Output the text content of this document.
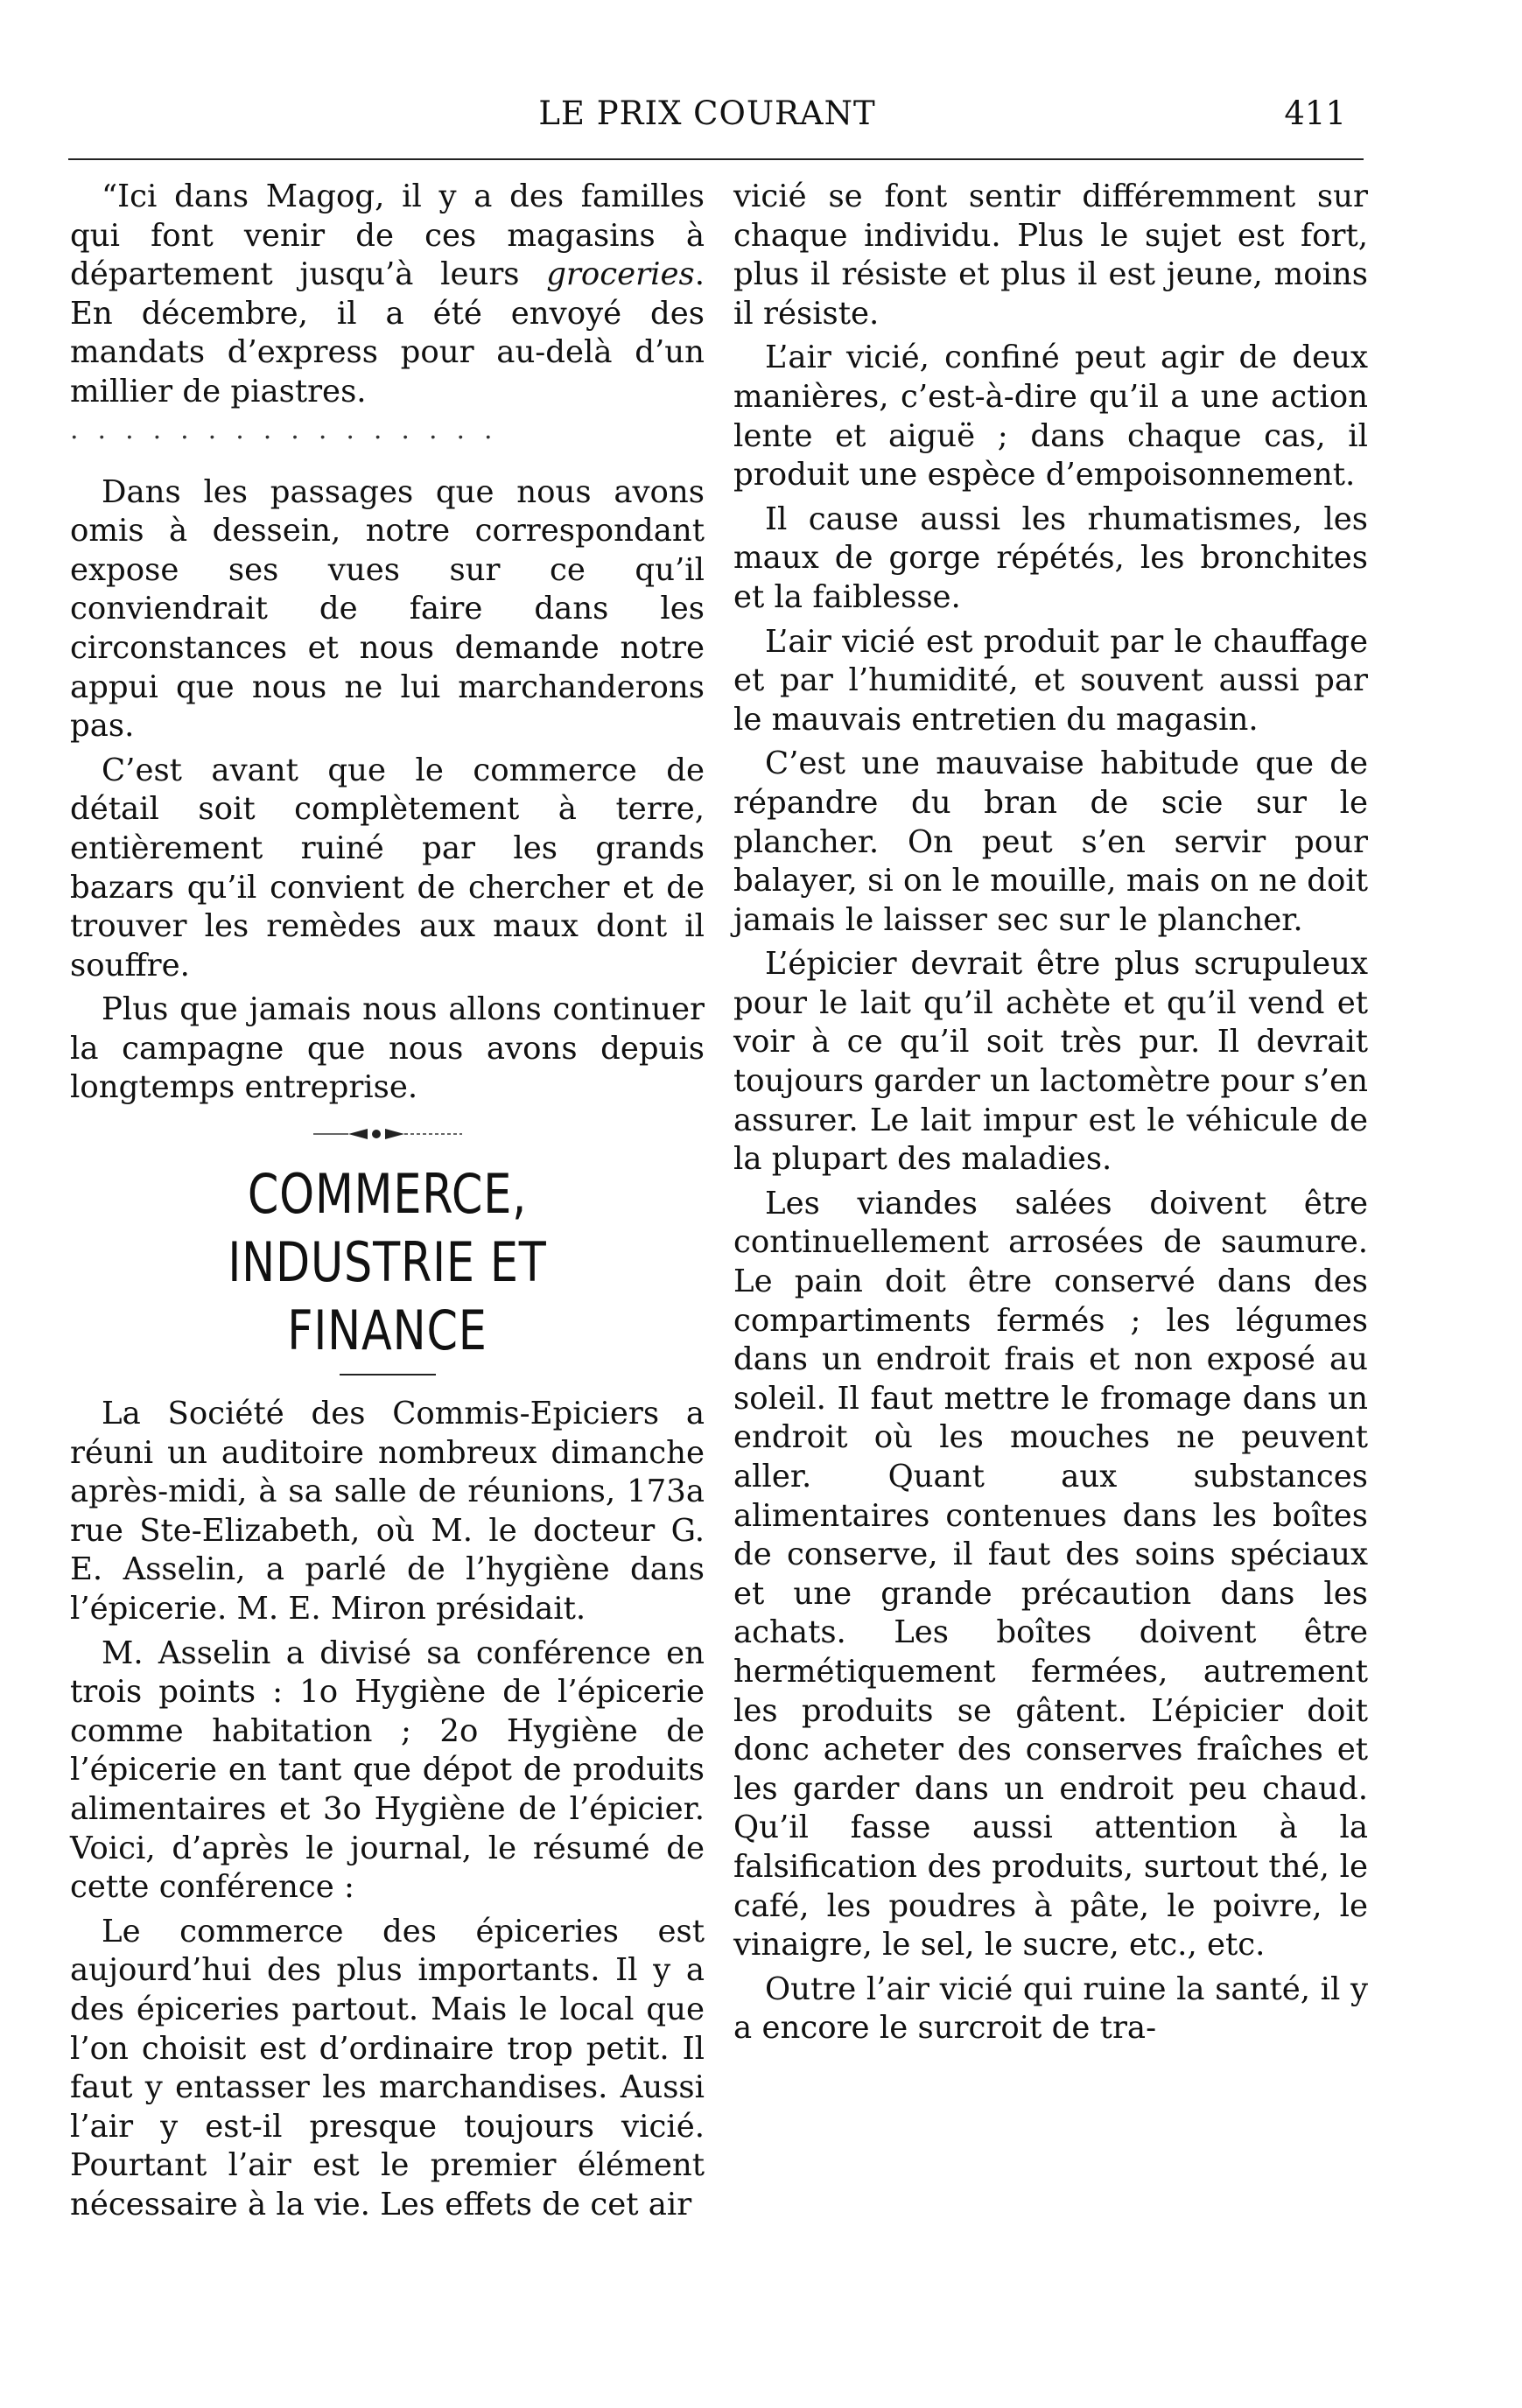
LE PRIX COURANT	411

“Ici dans Magog, il y a des familles qui font venir de ces magasins à département jusqu’à leurs groceries. En décembre, il a été envoyé des mandats d’express pour au-delà d’un millier de piastres.

................

Dans les passages que nous avons omis à dessein, notre correspondant expose ses vues sur ce qu’il conviendrait de faire dans les circonstances et nous demande notre appui que nous ne lui marchanderons pas.

C’est avant que le commerce de détail soit complètement à terre, entièrement ruiné par les grands bazars qu’il convient de chercher et de trouver les remèdes aux maux dont il souffre.

Plus que jamais nous allons continuer la campagne que nous avons depuis longtemps entreprise.

COMMERCE,
INDUSTRIE ET FINANCE

La Société des Commis-Epiciers a réuni un auditoire nombreux dimanche après-midi, à sa salle de réunions, 173a rue Ste-Elizabeth, où M. le docteur G. E. Asselin, a parlé de l’hygiène dans l’épicerie. M. E. Miron présidait.

M. Asselin a divisé sa conférence en trois points : 1o Hygiène de l’épicerie comme habitation ; 2o Hygiène de l’épicerie en tant que dépot de produits alimentaires et 3o Hygiène de l’épicier. Voici, d’après le journal, le résumé de cette conférence :

Le commerce des épiceries est aujourd’hui des plus importants. Il y a des épiceries partout. Mais le local que l’on choisit est d’ordinaire trop petit. Il faut y entasser les marchandises. Aussi l’air y est-il presque toujours vicié. Pourtant l’air est le premier élément nécessaire à la vie. Les effets de cet air

vicié se font sentir différemment sur chaque individu. Plus le sujet est fort, plus il résiste et plus il est jeune, moins il résiste.

L’air vicié, confiné peut agir de deux manières, c’est-à-dire qu’il a une action lente et aiguë ; dans chaque cas, il produit une espèce d’empoisonnement.

Il cause aussi les rhumatismes, les maux de gorge répétés, les bronchites et la faiblesse.

L’air vicié est produit par le chauffage et par l’humidité, et souvent aussi par le mauvais entretien du magasin.

C’est une mauvaise habitude que de répandre du bran de scie sur le plancher. On peut s’en servir pour balayer, si on le mouille, mais on ne doit jamais le laisser sec sur le plancher.

L’épicier devrait être plus scrupuleux pour le lait qu’il achète et qu’il vend et voir à ce qu’il soit très pur. Il devrait toujours garder un lactomètre pour s’en assurer. Le lait impur est le véhicule de la plupart des maladies.

Les viandes salées doivent être continuellement arrosées de saumure. Le pain doit être conservé dans des compartiments fermés ; les légumes dans un endroit frais et non exposé au soleil. Il faut mettre le fromage dans un endroit où les mouches ne peuvent aller. Quant aux substances alimentaires contenues dans les boîtes de conserve, il faut des soins spéciaux et une grande précaution dans les achats. Les boîtes doivent être hermétiquement fermées, autrement les produits se gâtent. L’épicier doit donc acheter des conserves fraîches et les garder dans un endroit peu chaud. Qu’il fasse aussi attention à la falsification des produits, surtout thé, le café, les poudres à pâte, le poivre, le vinaigre, le sel, le sucre, etc., etc.

Outre l’air vicié qui ruine la santé, il y a encore le surcroit de tra-
